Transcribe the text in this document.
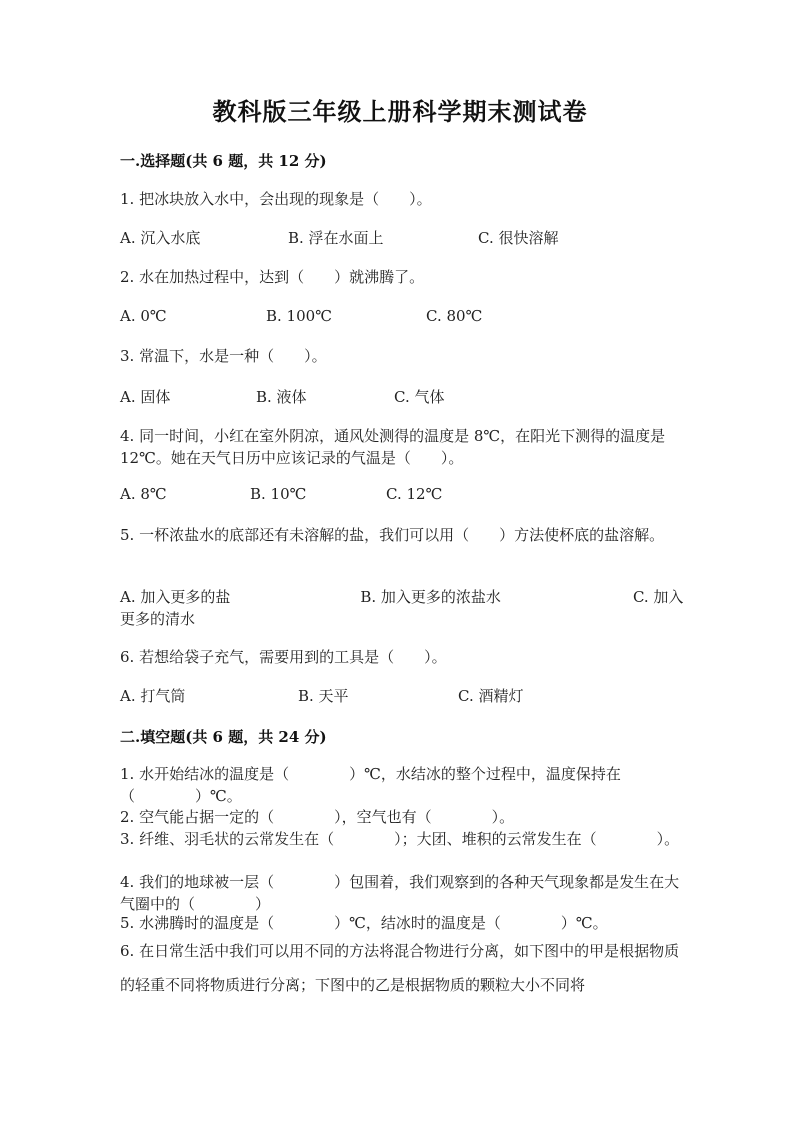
教科版三年级上册科学期末测试卷
一.选择题(共 6 题，共 12 分)
1. 把冰块放入水中，会出现的现象是（　　）。
A. 沉入水底	B. 浮在水面上	C. 很快溶解
2. 水在加热过程中，达到（　　）就沸腾了。
A. 0℃	B. 100℃	C. 80℃
3. 常温下，水是一种（　　）。
A. 固体	B. 液体	C. 气体
4. 同一时间，小红在室外阴凉，通风处测得的温度是 8℃，在阳光下测得的温度是 12℃。她在天气日历中应该记录的气温是（　　）。
A. 8℃	B. 10℃	C. 12℃
5. 一杯浓盐水的底部还有未溶解的盐，我们可以用（　　）方法使杯底的盐溶解。
A. 加入更多的盐	B. 加入更多的浓盐水	C. 加入更多的清水
6. 若想给袋子充气，需要用到的工具是（　　）。
A. 打气筒	B. 天平	C. 酒精灯
二.填空题(共 6 题，共 24 分)
1. 水开始结冰的温度是（　　　　）℃，水结冰的整个过程中，温度保持在（　　　　）℃。
2. 空气能占据一定的（　　　　），空气也有（　　　　）。
3. 纤维、羽毛状的云常发生在（　　　　）；大团、堆积的云常发生在（　　　　）。
4. 我们的地球被一层（　　　　）包围着，我们观察到的各种天气现象都是发生在大气圈中的（　　　　）
5. 水沸腾时的温度是（　　　　）℃，结冰时的温度是（　　　　）℃。
6. 在日常生活中我们可以用不同的方法将混合物进行分离，如下图中的甲是根据物质的轻重不同将物质进行分离；下图中的乙是根据物质的颗粒大小不同将
